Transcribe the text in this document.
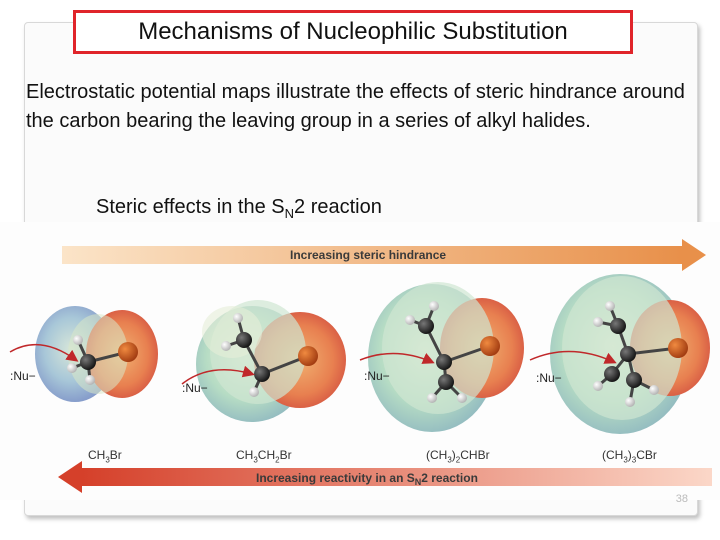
Mechanisms of Nucleophilic Substitution
Electrostatic potential maps illustrate the effects of steric hindrance around the carbon bearing the leaving group in a series of alkyl halides.
Steric effects in the $S_N2$ reaction
Increasing steric hindrance
:Nu−
:Nu−
:Nu−	:Nu−
Increasing reactivity in an $S_N2$ reaction
$CH_3Br$	$CH_3CH_2Br$	$(CH_3)_2CHBr$	$(CH_3)_3CBr$
38
